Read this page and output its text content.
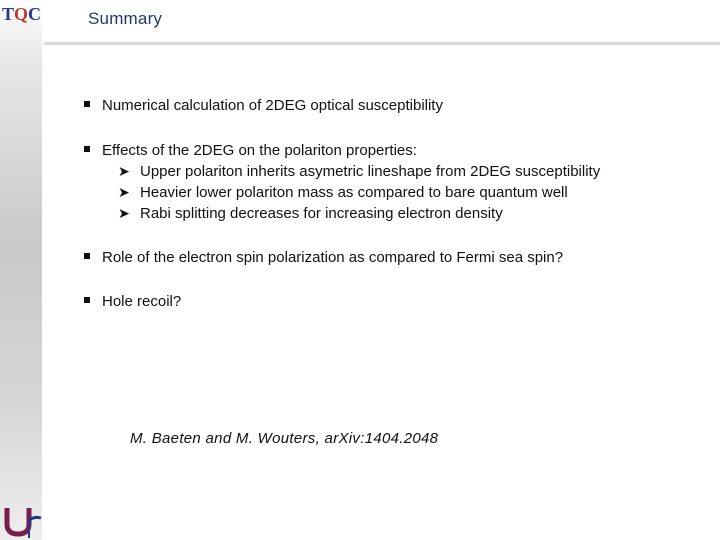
TQC	Summary
Numerical calculation of 2DEG optical susceptibility
Effects of the 2DEG on the polariton properties:
➤ Upper polariton inherits asymetric lineshape from 2DEG susceptibility
➤ Heavier lower polariton mass as compared to bare quantum well
➤ Rabi splitting decreases for increasing electron density
Role of the electron spin polarization as compared to Fermi sea spin?
Hole recoil?
M. Baeten and M. Wouters, arXiv:1404.2048
